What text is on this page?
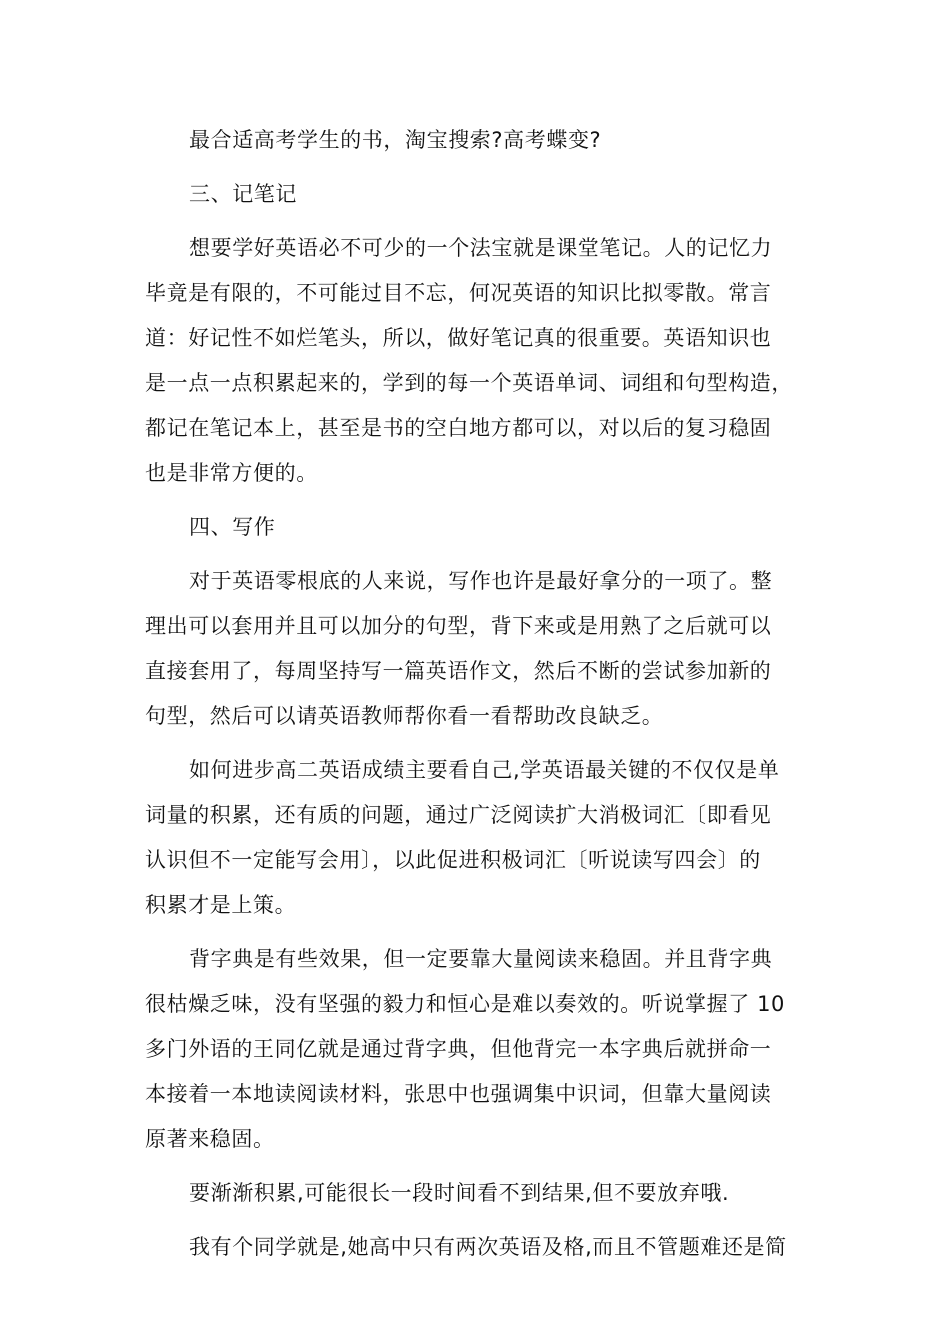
最合适高考学生的书，淘宝搜索?高考蝶变?
三、记笔记
想要学好英语必不可少的一个法宝就是课堂笔记。人的记忆力
毕竟是有限的，不可能过目不忘，何况英语的知识比拟零散。常言
道：好记性不如烂笔头，所以，做好笔记真的很重要。英语知识也
是一点一点积累起来的，学到的每一个英语单词、词组和句型构造，
都记在笔记本上，甚至是书的空白地方都可以，对以后的复习稳固
也是非常方便的。
四、写作
对于英语零根底的人来说，写作也许是最好拿分的一项了。整
理出可以套用并且可以加分的句型，背下来或是用熟了之后就可以
直接套用了，每周坚持写一篇英语作文，然后不断的尝试参加新的
句型，然后可以请英语教师帮你看一看帮助改良缺乏。
如何进步高二英语成绩主要看自己,学英语最关键的不仅仅是单
词量的积累，还有质的问题，通过广泛阅读扩大消极词汇〔即看见
认识但不一定能写会用〕，以此促进积极词汇〔听说读写四会〕的
积累才是上策。
背字典是有些效果，但一定要靠大量阅读来稳固。并且背字典
很枯燥乏味，没有坚强的毅力和恒心是难以奏效的。听说掌握了 10
多门外语的王同亿就是通过背字典，但他背完一本字典后就拼命一
本接着一本地读阅读材料，张思中也强调集中识词，但靠大量阅读
原著来稳固。
要渐渐积累,可能很长一段时间看不到结果,但不要放弃哦.
我有个同学就是,她高中只有两次英语及格,而且不管题难还是简
